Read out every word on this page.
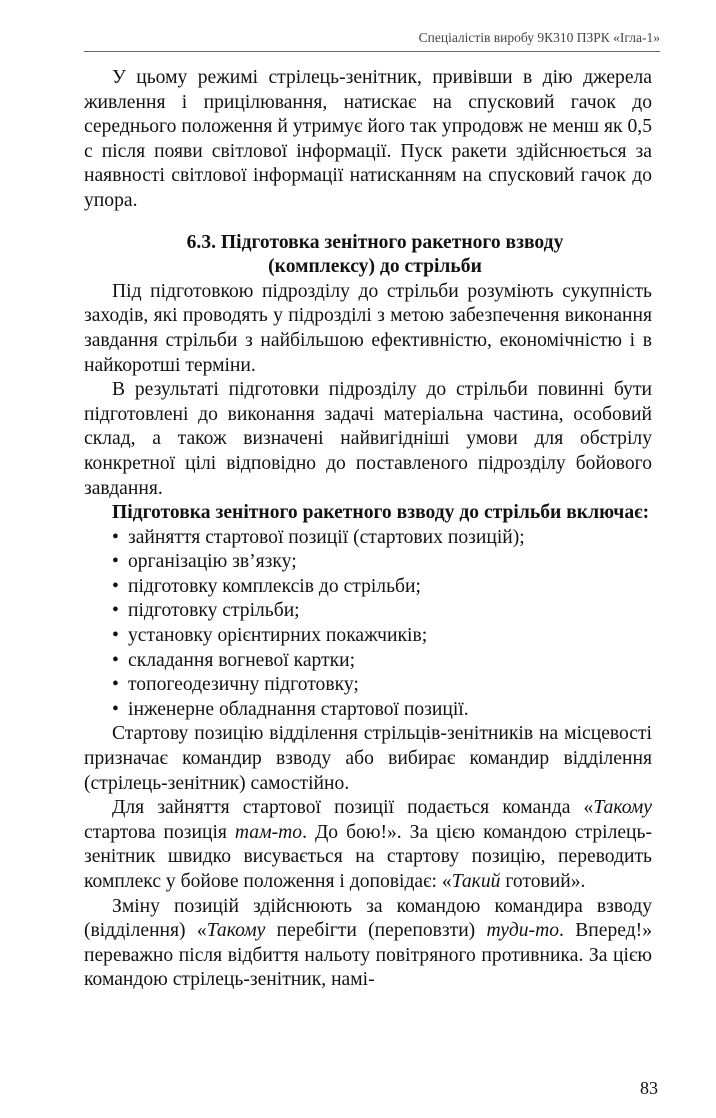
Спеціалістів виробу 9К310 ПЗРК «Ігла-1»

У цьому режимі стрілець-зенітник, привівши в дію джерела живлення і прицілювання, натискає на спусковий гачок до середнього положення й утримує його так упродовж не менш як 0,5 с після появи світлової інформації. Пуск ракети здійснюється за наявності світлової інформації натисканням на спусковий гачок до упора.

6.3. Підготовка зенітного ракетного взводу
(комплексу) до стрільби

Під підготовкою підрозділу до стрільби розуміють сукупність заходів, які проводять у підрозділі з метою забезпечення виконання завдання стрільби з найбільшою ефективністю, економічністю і в найкоротші терміни.

В результаті підготовки підрозділу до стрільби повинні бути підготовлені до виконання задачі матеріальна частина, особовий склад, а також визначені найвигідніші умови для обстрілу конкретної цілі відповідно до поставленого підрозділу бойового завдання.

Підготовка зенітного ракетного взводу до стрільби включає:

• зайняття стартової позиції (стартових позицій);
• організацію зв’язку;
• підготовку комплексів до стрільби;
• підготовку стрільби;
• установку орієнтирних покажчиків;
• складання вогневої картки;
• топогеодезичну підготовку;
• інженерне обладнання стартової позиції.

Стартову позицію відділення стрільців-зенітників на місцевості призначає командир взводу або вибирає командир відділення (стрілець-зенітник) самостійно.

Для зайняття стартової позиції подається команда «Такому стартова позиція там-то. До бою!». За цією командою стрілець-зенітник швидко висувається на стартову позицію, переводить комплекс у бойове положення і доповідає: «Такий готовий».

Зміну позицій здійснюють за командою командира взводу (відділення) «Такому перебігти (переповзти) туди-то. Вперед!» переважно після відбиття нальоту повітряного противника. За цією командою стрілець-зенітник, намі-

83
